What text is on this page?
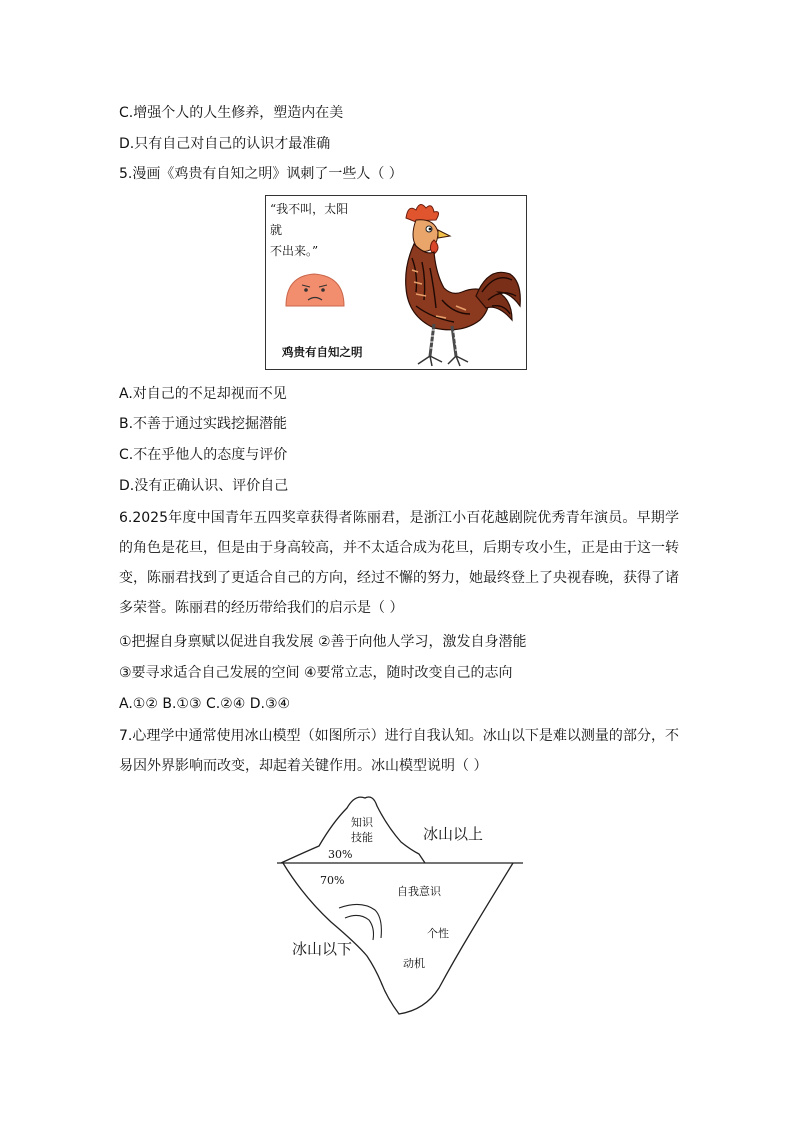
C.增强个人的人生修养，塑造内在美
D.只有自己对自己的认识才最准确
5.漫画《鸡贵有自知之明》讽刺了一些人（ ）
“我不叫，太阳就
不出来。”
鸡贵有自知之明
A.对自己的不足却视而不见
B.不善于通过实践挖掘潜能
C.不在乎他人的态度与评价
D.没有正确认识、评价自己
6.2025年度中国青年五四奖章获得者陈丽君，是浙江小百花越剧院优秀青年演员。早期学的角色是花旦，但是由于身高较高，并不太适合成为花旦，后期专攻小生，正是由于这一转变，陈丽君找到了更适合自己的方向，经过不懈的努力，她最终登上了央视春晚，获得了诸多荣誉。陈丽君的经历带给我们的启示是（ ）
①把握自身禀赋以促进自我发展 ②善于向他人学习，激发自身潜能
③要寻求适合自己发展的空间 ④要常立志，随时改变自己的志向
A.①② B.①③ C.②④ D.③④
7.心理学中通常使用冰山模型（如图所示）进行自我认知。冰山以下是难以测量的部分，不易因外界影响而改变，却起着关键作用。冰山模型说明（ ）
知识
技能
30%
冰山以上
70%
自我意识
个性
冰山以下
动机
